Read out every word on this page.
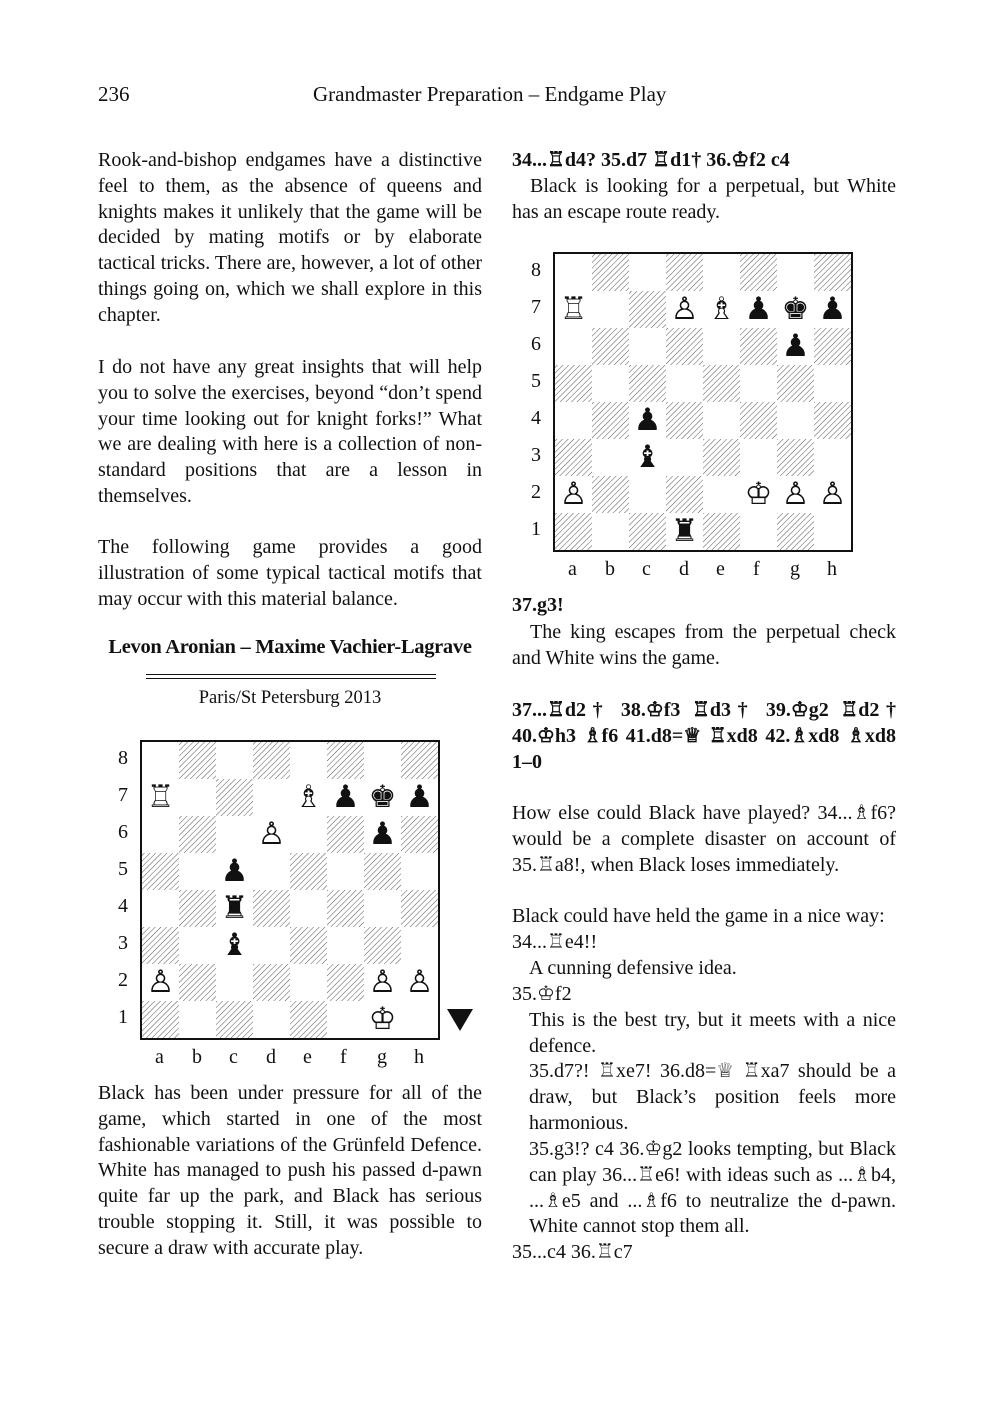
236	Grandmaster Preparation – Endgame Play

Rook-and-bishop endgames have a distinctive feel to them, as the absence of queens and knights makes it unlikely that the game will be decided by mating motifs or by elaborate tactical tricks. There are, however, a lot of other things going on, which we shall explore in this chapter.

I do not have any great insights that will help you to solve the exercises, beyond “don’t spend your time looking out for knight forks!” What we are dealing with here is a collection of non-standard positions that are a lesson in themselves.

The following game provides a good illustration of some typical tactical motifs that may occur with this material balance.

Levon Aronian – Maxime Vachier-Lagrave
Paris/St Petersburg 2013
♖	♗ ♟ ♚ ♟
♙	♟
♟
♜
♝
♙	♙ ♙
♔

Black has been under pressure for all of the game, which started in one of the most fashionable variations of the Grünfeld Defence. White has managed to push his passed d-pawn quite far up the park, and Black has serious trouble stopping it. Still, it was possible to secure a draw with accurate play.

34...♖d4? 35.d7 ♖d1† 36.♔f2 c4

Black is looking for a perpetual, but White has an escape route ready.

♖	♙ ♗ ♟ ♚ ♟
♟
♟
♝
♙	♔ ♙ ♙
♜

37.g3!

The king escapes from the perpetual check and White wins the game.

37...♖d2† 38.♔f3 ♖d3† 39.♔g2 ♖d2† 40.♔h3 ♗f6 41.d8=♕ ♖xd8 42.♗xd8 ♗xd8 1–0

How else could Black have played? 34...♗f6? would be a complete disaster on account of 35.♖a8!, when Black loses immediately.

Black could have held the game in a nice way:

34...♖e4!!

A cunning defensive idea.

35.♔f2

This is the best try, but it meets with a nice defence.

35.d7?! ♖xe7! 36.d8=♕ ♖xa7 should be a draw, but Black’s position feels more harmonious.

35.g3!? c4 36.♔g2 looks tempting, but Black can play 36...♖e6! with ideas such as ...♗b4, ...♗e5 and ...♗f6 to neutralize the d-pawn. White cannot stop them all.

35...c4 36.♖c7

8
7
6
5
4
3
2
1
a b c d e f g h
8
7
6
5
4
3
2
1
a b c d e f g h
